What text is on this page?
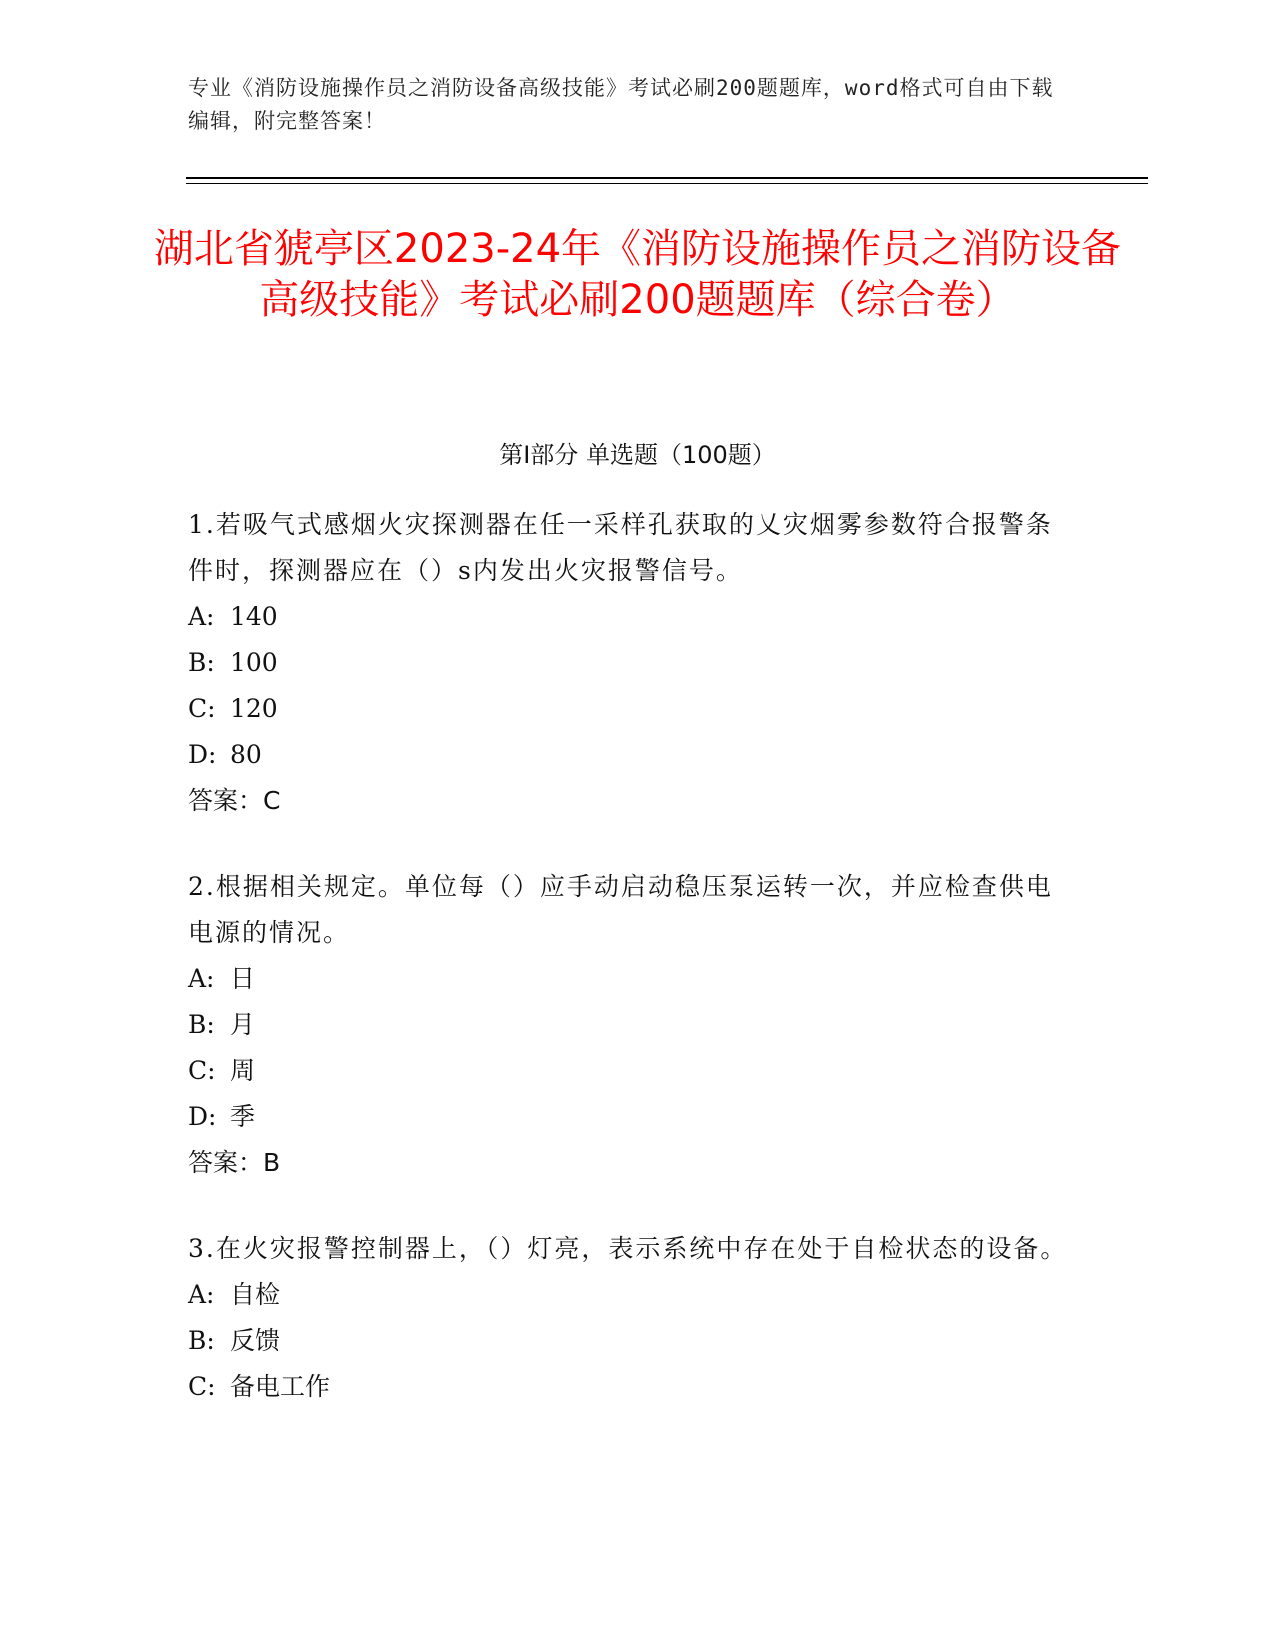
专业《消防设施操作员之消防设备高级技能》考试必刷200题题库，word格式可自由下载编辑，附完整答案！
湖北省猇亭区2023-24年《消防设施操作员之消防设备高级技能》考试必刷200题题库（综合卷）
第Ⅰ部分 单选题（100题）

1.若吸气式感烟火灾探测器在任一采样孔获取的乂灾烟雾参数符合报警条件时，探测器应在（）s内发出火灾报警信号。

A: 140
B: 100
C: 120
D: 80

答案：C

2.根据相关规定。单位每（）应手动启动稳压泵运转一次，并应检查供电电源的情况。

A: 日
B: 月
C: 周
D: 季

答案：B

3.在火灾报警控制器上，（）灯亮，表示系统中存在处于自检状态的设备。

A: 自检
B: 反馈
C: 备电工作
